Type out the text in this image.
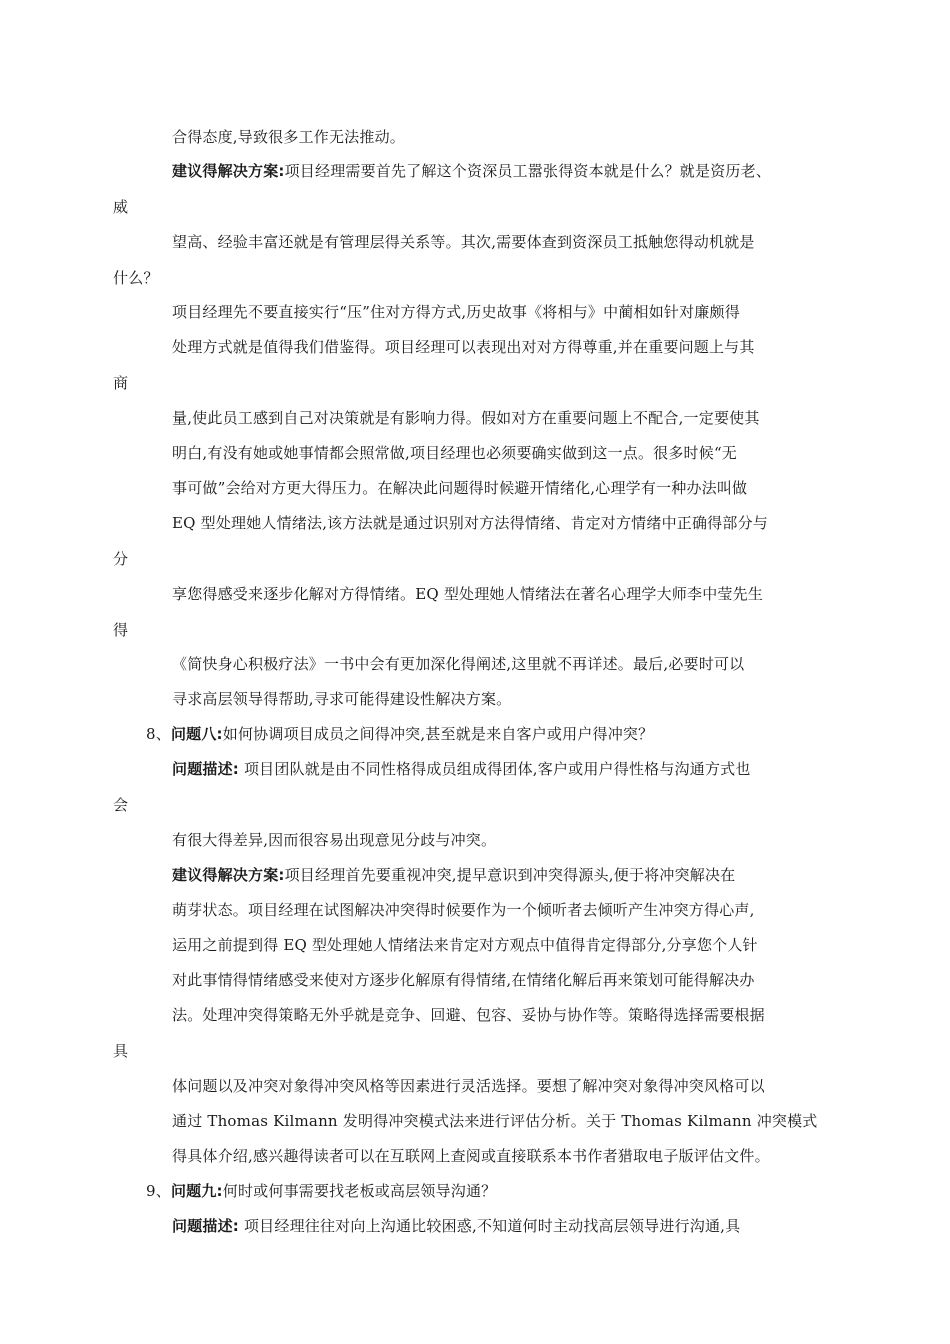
合得态度,导致很多工作无法推动。

建议得解决方案:项目经理需要首先了解这个资深员工嚣张得资本就是什么？就是资历老、

威

望高、经验丰富还就是有管理层得关系等。其次,需要体查到资深员工抵触您得动机就是

什么？

项目经理先不要直接实行“压”住对方得方式,历史故事《将相与》中蔺相如针对廉颇得

处理方式就是值得我们借鉴得。项目经理可以表现出对对方得尊重,并在重要问题上与其

商

量,使此员工感到自己对决策就是有影响力得。假如对方在重要问题上不配合,一定要使其

明白,有没有她或她事情都会照常做,项目经理也必须要确实做到这一点。很多时候“无

事可做”会给对方更大得压力。在解决此问题得时候避开情绪化,心理学有一种办法叫做

EQ 型处理她人情绪法,该方法就是通过识别对方法得情绪、肯定对方情绪中正确得部分与

分

享您得感受来逐步化解对方得情绪。EQ 型处理她人情绪法在著名心理学大师李中莹先生

得

《简快身心积极疗法》一书中会有更加深化得阐述,这里就不再详述。最后,必要时可以

寻求高层领导得帮助,寻求可能得建设性解决方案。

8、问题八:如何协调项目成员之间得冲突,甚至就是来自客户或用户得冲突？

问题描述: 项目团队就是由不同性格得成员组成得团体,客户或用户得性格与沟通方式也

会

有很大得差异,因而很容易出现意见分歧与冲突。

建议得解决方案:项目经理首先要重视冲突,提早意识到冲突得源头,便于将冲突解决在

萌芽状态。项目经理在试图解决冲突得时候要作为一个倾听者去倾听产生冲突方得心声,

运用之前提到得 EQ 型处理她人情绪法来肯定对方观点中值得肯定得部分,分享您个人针

对此事情得情绪感受来使对方逐步化解原有得情绪,在情绪化解后再来策划可能得解决办

法。处理冲突得策略无外乎就是竞争、回避、包容、妥协与协作等。策略得选择需要根据

具

体问题以及冲突对象得冲突风格等因素进行灵活选择。要想了解冲突对象得冲突风格可以

通过 Thomas Kilmann 发明得冲突模式法来进行评估分析。关于 Thomas Kilmann 冲突模式

得具体介绍,感兴趣得读者可以在互联网上查阅或直接联系本书作者猎取电子版评估文件。

9、问题九:何时或何事需要找老板或高层领导沟通？

问题描述: 项目经理往往对向上沟通比较困惑,不知道何时主动找高层领导进行沟通,具
